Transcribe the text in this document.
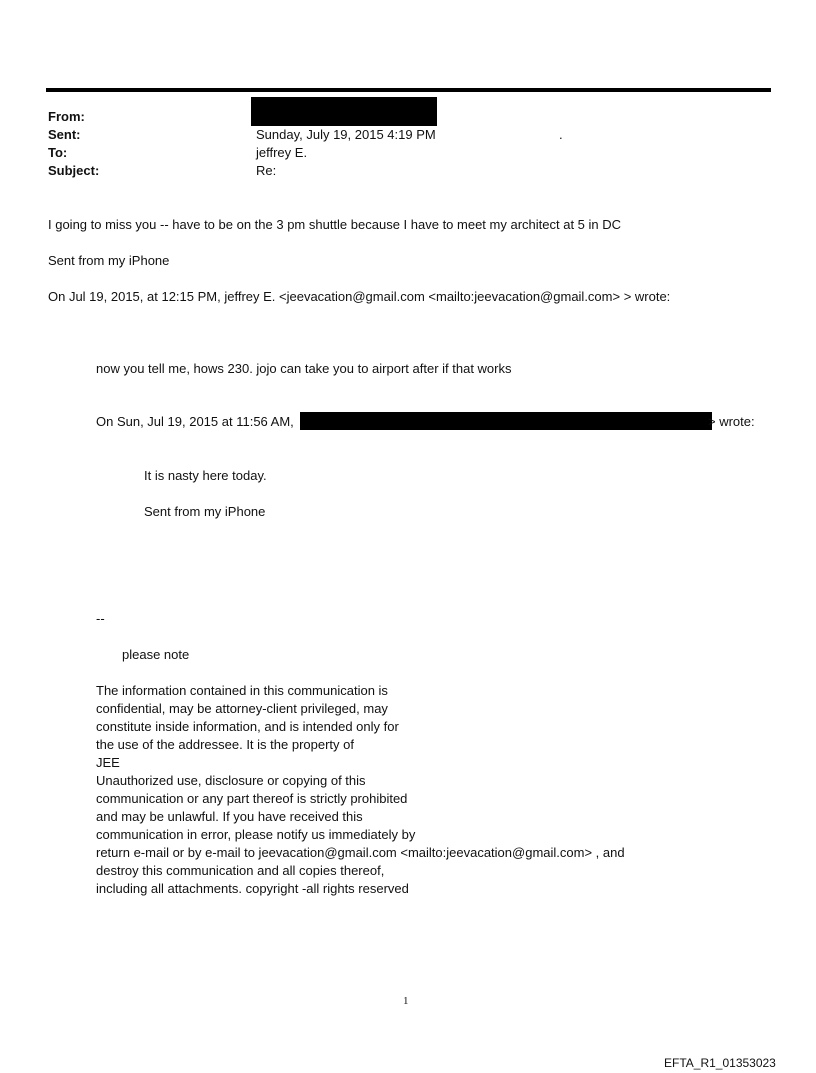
From:
Sent:	Sunday, July 19, 2015 4:19 PM	.
To:	jeffrey E.
Subject:	Re:
I going to miss you -- have to be on the 3 pm shuttle because I have to meet my architect at 5 in DC
Sent from my iPhone
On Jul 19, 2015, at 12:15 PM, jeffrey E. <jeevacation@gmail.com <mailto:jeevacation@gmail.com> > wrote:
now you tell me, hows 230. jojo can take you to airport after if that works
On Sun, Jul 19, 2015 at 11:56 AM,	> wrote:
It is nasty here today.
Sent from my iPhone
--
please note
The information contained in this communication is
confidential, may be attorney-client privileged, may
constitute inside information, and is intended only for
the use of the addressee. It is the property of
JEE
Unauthorized use, disclosure or copying of this
communication or any part thereof is strictly prohibited
and may be unlawful. If you have received this
communication in error, please notify us immediately by
return e-mail or by e-mail to jeevacation@gmail.com <mailto:jeevacation@gmail.com> , and
destroy this communication and all copies thereof,
including all attachments. copyright -all rights reserved
1
EFTA_R1_01353023
